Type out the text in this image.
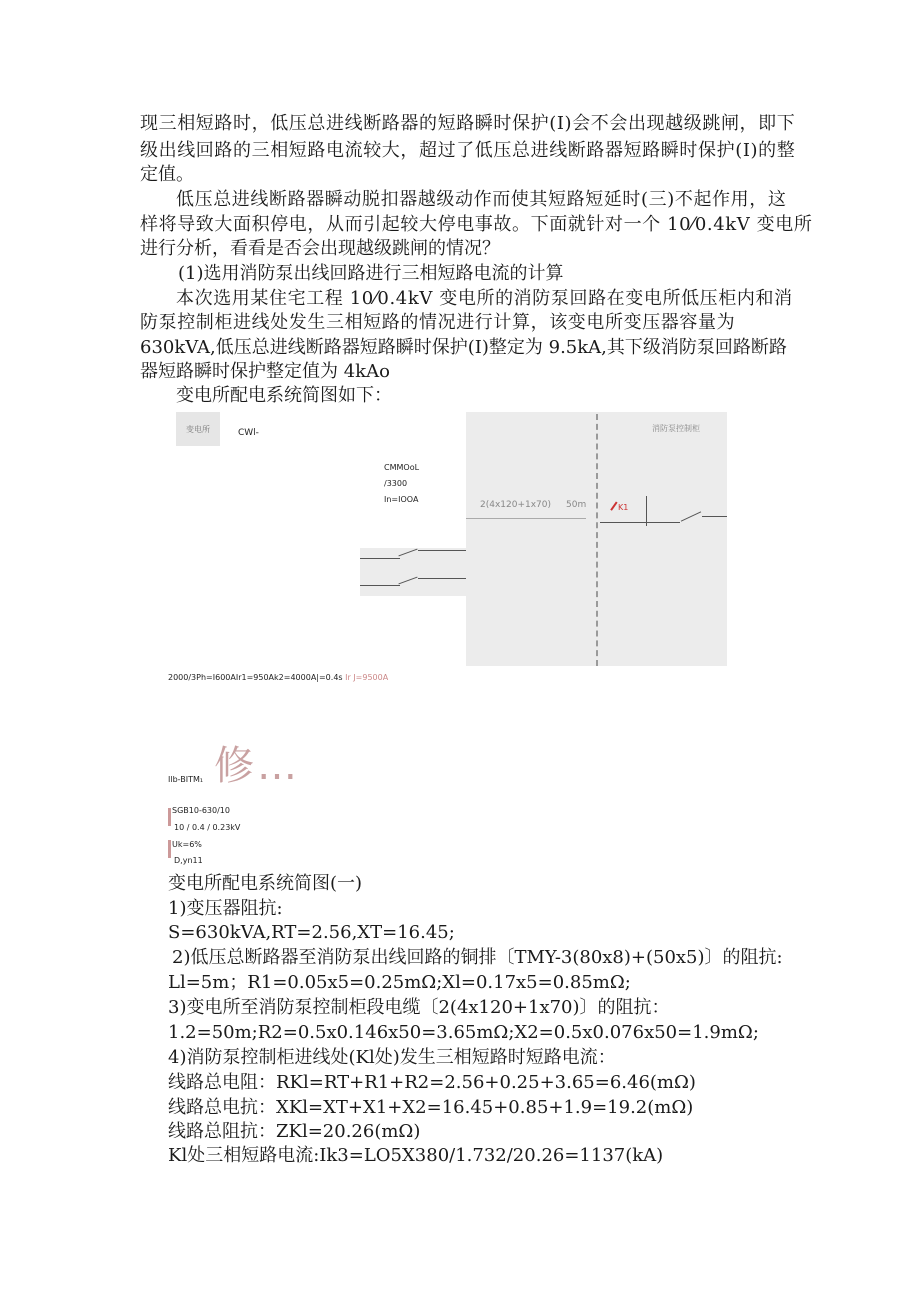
现三相短路时，低压总进线断路器的短路瞬时保护(I)会不会出现越级跳闸，即下
级出线回路的三相短路电流较大，超过了低压总进线断路器短路瞬时保护(I)的整
定值。
低压总进线断路器瞬动脱扣器越级动作而使其短路短延时(三)不起作用，这
样将导致大面积停电，从而引起较大停电事故。下面就针对一个 10⁄0.4kV 变电所
进行分析，看看是否会出现越级跳闸的情况？
(1)选用消防泵出线回路进行三相短路电流的计算
本次选用某住宅工程 10⁄0.4kV 变电所的消防泵回路在变电所低压柜内和消
防泵控制柜进线处发生三相短路的情况进行计算，该变电所变压器容量为
630kVA,低压总进线断路器短路瞬时保护(I)整定为 9.5kA,其下级消防泵回路断路
器短路瞬时保护整定值为 4kAo
变电所配电系统简图如下：
变电所	CWl-
CMMOoL
/3300
In=IOOA
消防泵控制柜
2(4x120+1x70) 50m	K1
2000/3Ph=I600AIr1=950Ak2=4000A|=0.4s Ir J=9500A
修…
Ilb-BITM₁
SGB10-630/10
10 / 0.4 / 0.23kV
Uk=6%
D,yn11
变电所配电系统简图(一)
1)变压器阻抗:
S=630kVA,RT=2.56,XT=16.45;
2)低压总断路器至消防泵出线回路的铜排〔TMY-3(80x8)+(50x5)〕的阻抗:
Ll=5m；R1=0.05x5=0.25mΩ;Xl=0.17x5=0.85mΩ;
3)变电所至消防泵控制柜段电缆〔2(4x120+1x70)〕的阻抗：
1.2=50m;R2=0.5x0.146x50=3.65mΩ;X2=0.5x0.076x50=1.9mΩ;
4)消防泵控制柜进线处(Kl处)发生三相短路时短路电流：
线路总电阻：RKl=RT+R1+R2=2.56+0.25+3.65=6.46(mΩ)
线路总电抗：XKl=XT+X1+X2=16.45+0.85+1.9=19.2(mΩ)
线路总阻抗：ZKl=20.26(mΩ)
Kl处三相短路电流:Ik3=LO5X380/1.732/20.26=1137(kA)
